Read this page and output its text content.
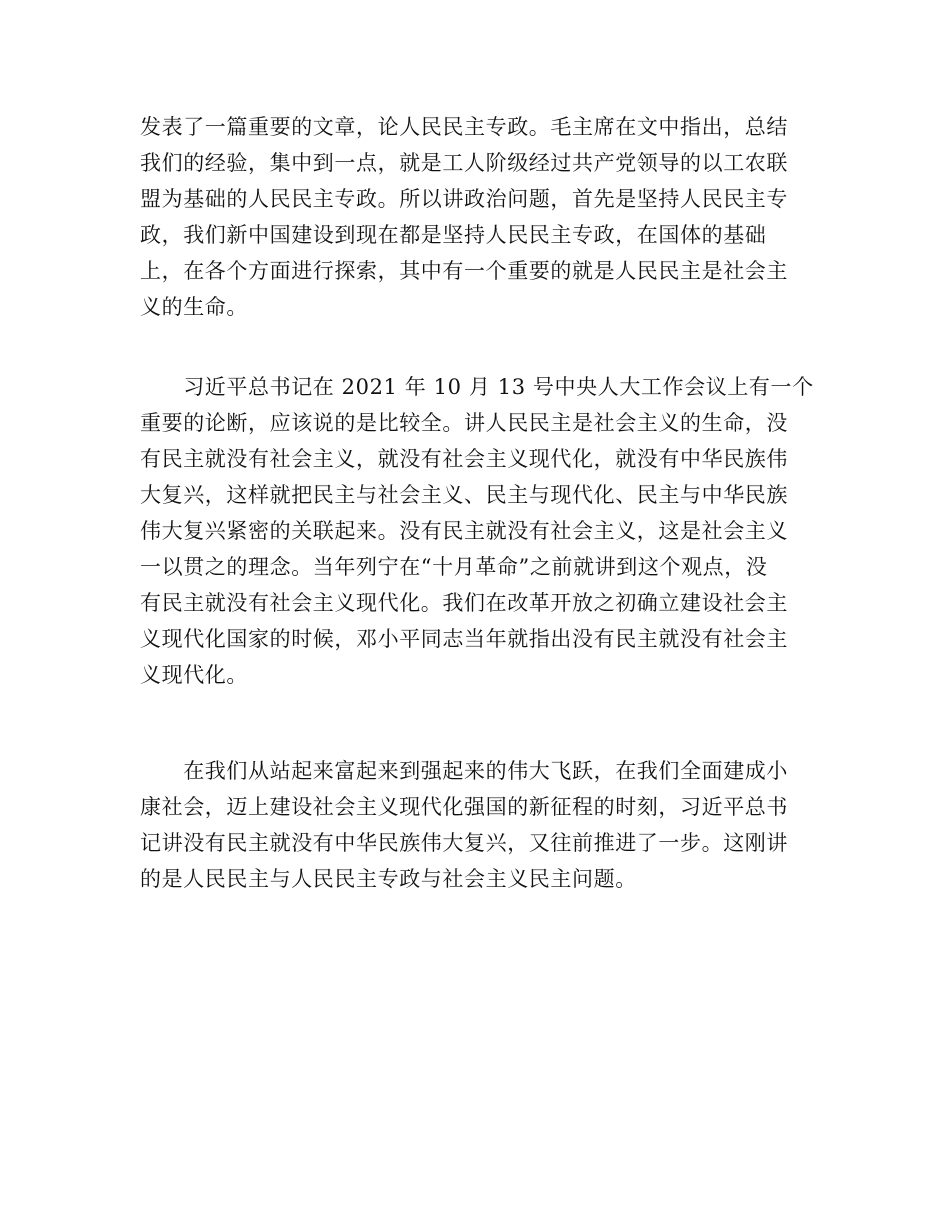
发表了一篇重要的文章，论人民民主专政。毛主席在文中指出，总结
我们的经验，集中到一点，就是工人阶级经过共产党领导的以工农联
盟为基础的人民民主专政。所以讲政治问题，首先是坚持人民民主专
政，我们新中国建设到现在都是坚持人民民主专政，在国体的基础
上，在各个方面进行探索，其中有一个重要的就是人民民主是社会主
义的生命。
　　习近平总书记在 2021 年 10 月 13 号中央人大工作会议上有一个
重要的论断，应该说的是比较全。讲人民民主是社会主义的生命，没
有民主就没有社会主义，就没有社会主义现代化，就没有中华民族伟
大复兴，这样就把民主与社会主义、民主与现代化、民主与中华民族
伟大复兴紧密的关联起来。没有民主就没有社会主义，这是社会主义
一以贯之的理念。当年列宁在“十月革命”之前就讲到这个观点，没
有民主就没有社会主义现代化。我们在改革开放之初确立建设社会主
义现代化国家的时候，邓小平同志当年就指出没有民主就没有社会主
义现代化。
　　在我们从站起来富起来到强起来的伟大飞跃，在我们全面建成小
康社会，迈上建设社会主义现代化强国的新征程的时刻，习近平总书
记讲没有民主就没有中华民族伟大复兴，又往前推进了一步。这刚讲
的是人民民主与人民民主专政与社会主义民主问题。
